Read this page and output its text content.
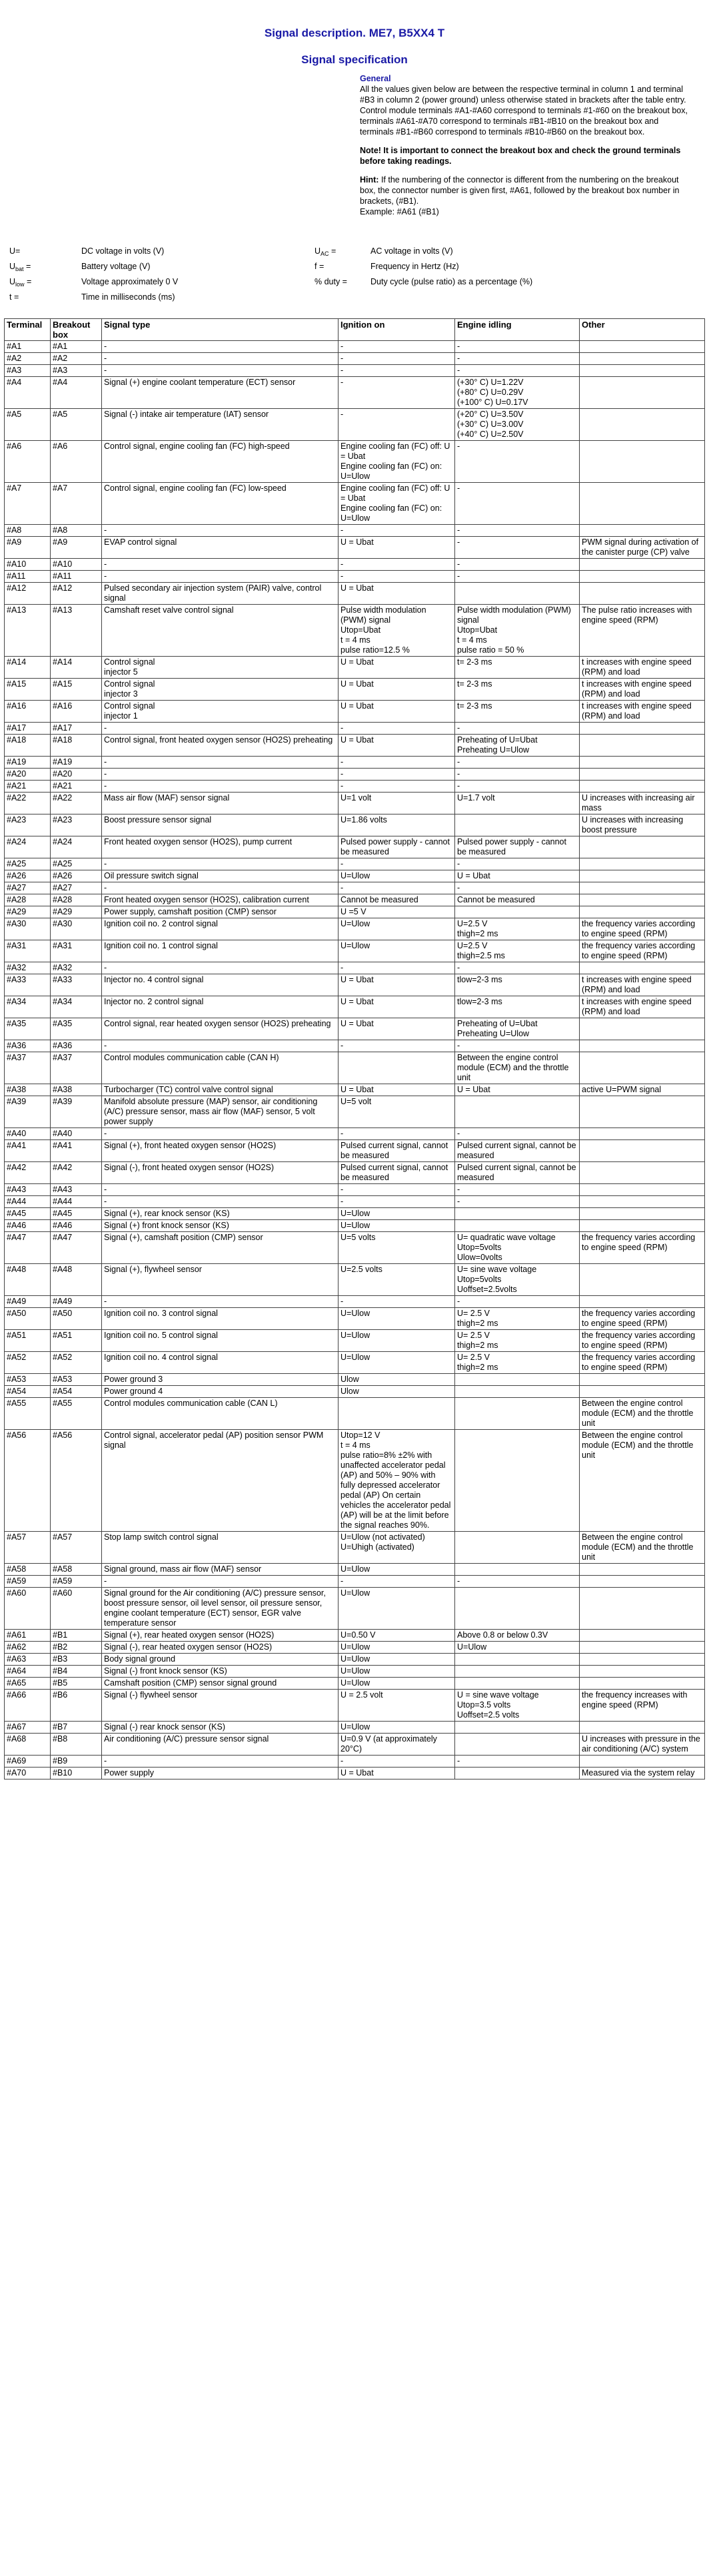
Signal description. ME7, B5XX4 T
Signal specification
General
All the values given below are between the respective terminal in column 1 and terminal #B3 in column 2 (power ground) unless otherwise stated in brackets after the table entry. Control module terminals #A1-#A60 correspond to terminals #1-#60 on the breakout box, terminals #A61-#A70 correspond to terminals #B1-#B10 on the breakout box and terminals #B1-#B60 correspond to terminals #B10-#B60 on the breakout box.
Note! It is important to connect the breakout box and check the ground terminals before taking readings.
Hint: If the numbering of the connector is different from the numbering on the breakout box, the connector number is given first, #A61, followed by the breakout box number in brackets, (#B1).
Example: #A61 (#B1)
U=	DC voltage in volts (V)	$U_{AC}$ =	AC voltage in volts (V)
$U_{bat}$ =	Battery voltage (V)	f =	Frequency in Hertz (Hz)
$U_{low}$ =	Voltage approximately 0 V	% duty =	Duty cycle (pulse ratio) as a percentage (%)
t =	Time in milliseconds (ms)
Terminal	Breakout box	Signal type	Ignition on	Engine idling	Other
#A1	#A1	-	-	-	
#A2	#A2	-	-	-	
#A3	#A3	-	-	-	
#A4	#A4	Signal (+) engine coolant temperature (ECT) sensor	-	(+30° C) U=1.22V
(+80° C) U=0.29V
(+100° C) U=0.17V	
#A5	#A5	Signal (-) intake air temperature (IAT) sensor	-	(+20° C) U=3.50V
(+30° C) U=3.00V
(+40° C) U=2.50V	
#A6	#A6	Control signal, engine cooling fan (FC) high-speed	Engine cooling fan (FC) off: U = Ubat
Engine cooling fan (FC) on: U=Ulow	-	
#A7	#A7	Control signal, engine cooling fan (FC) low-speed	Engine cooling fan (FC) off: U = Ubat
Engine cooling fan (FC) on: U=Ulow	-	
#A8	#A8	-	-	-	
#A9	#A9	EVAP control signal	U = Ubat	-	PWM signal during activation of the canister purge (CP) valve
#A10	#A10	-	-	-	
#A11	#A11	-	-	-	
#A12	#A12	Pulsed secondary air injection system (PAIR) valve, control signal	U = Ubat		
#A13	#A13	Camshaft reset valve control signal	Pulse width modulation (PWM) signal
Utop=Ubat
t = 4 ms
pulse ratio=12.5 %	Pulse width modulation (PWM) signal
Utop=Ubat
t = 4 ms
pulse ratio = 50 %	The pulse ratio increases with engine speed (RPM)
#A14	#A14	Control signal
injector 5	U = Ubat	t= 2-3 ms	t increases with engine speed (RPM) and load
#A15	#A15	Control signal
injector 3	U = Ubat	t= 2-3 ms	t increases with engine speed (RPM) and load
#A16	#A16	Control signal
injector 1	U = Ubat	t= 2-3 ms	t increases with engine speed (RPM) and load
#A17	#A17	-	-	-	
#A18	#A18	Control signal, front heated oxygen sensor (HO2S) preheating	U = Ubat	Preheating of U=Ubat
Preheating U=Ulow	
#A19	#A19	-	-	-	
#A20	#A20	-	-	-	
#A21	#A21	-	-	-	
#A22	#A22	Mass air flow (MAF) sensor signal	U=1 volt	U=1.7 volt	U increases with increasing air mass
#A23	#A23	Boost pressure sensor signal	U=1.86 volts		U increases with increasing boost pressure
#A24	#A24	Front heated oxygen sensor (HO2S), pump current	Pulsed power supply - cannot be measured	Pulsed power supply - cannot be measured	
#A25	#A25	-	-	-	
#A26	#A26	Oil pressure switch signal	U=Ulow	U = Ubat	
#A27	#A27	-	-	-	
#A28	#A28	Front heated oxygen sensor (HO2S), calibration current	Cannot be measured	Cannot be measured	
#A29	#A29	Power supply, camshaft position (CMP) sensor	U =5 V		
#A30	#A30	Ignition coil no. 2 control signal	U=Ulow	U=2.5 V
thigh=2 ms	the frequency varies according to engine speed (RPM)
#A31	#A31	Ignition coil no. 1 control signal	U=Ulow	U=2.5 V
thigh=2.5 ms	the frequency varies according to engine speed (RPM)
#A32	#A32	-	-	-	
#A33	#A33	Injector no. 4 control signal	U = Ubat	tlow=2-3 ms	t increases with engine speed (RPM) and load
#A34	#A34	Injector no. 2 control signal	U = Ubat	tlow=2-3 ms	t increases with engine speed (RPM) and load
#A35	#A35	Control signal, rear heated oxygen sensor (HO2S) preheating	U = Ubat	Preheating of U=Ubat
Preheating U=Ulow	
#A36	#A36	-	-	-	
#A37	#A37	Control modules communication cable (CAN H)		Between the engine control module (ECM) and the throttle unit	
#A38	#A38	Turbocharger (TC) control valve control signal	U = Ubat	U = Ubat	active U=PWM signal
#A39	#A39	Manifold absolute pressure (MAP) sensor, air conditioning (A/C) pressure sensor, mass air flow (MAF) sensor, 5 volt power supply	U=5 volt		
#A40	#A40	-	-	-	
#A41	#A41	Signal (+), front heated oxygen sensor (HO2S)	Pulsed current signal, cannot be measured	Pulsed current signal, cannot be measured	
#A42	#A42	Signal (-), front heated oxygen sensor (HO2S)	Pulsed current signal, cannot be measured	Pulsed current signal, cannot be measured	
#A43	#A43	-	-	-	
#A44	#A44	-	-	-	
#A45	#A45	Signal (+), rear knock sensor (KS)	U=Ulow		
#A46	#A46	Signal (+) front knock sensor (KS)	U=Ulow		
#A47	#A47	Signal (+), camshaft position (CMP) sensor	U=5 volts	U= quadratic wave voltage
Utop=5volts
Ulow=0volts	the frequency varies according to engine speed (RPM)
#A48	#A48	Signal (+), flywheel sensor	U=2.5 volts	U= sine wave voltage
Utop=5volts
Uoffset=2.5volts	
#A49	#A49	-	-	-	
#A50	#A50	Ignition coil no. 3 control signal	U=Ulow	U= 2.5 V
thigh=2 ms	the frequency varies according to engine speed (RPM)
#A51	#A51	Ignition coil no. 5 control signal	U=Ulow	U= 2.5 V
thigh=2 ms	the frequency varies according to engine speed (RPM)
#A52	#A52	Ignition coil no. 4 control signal	U=Ulow	U= 2.5 V
thigh=2 ms	the frequency varies according to engine speed (RPM)
#A53	#A53	Power ground 3	Ulow		
#A54	#A54	Power ground 4	Ulow		
#A55	#A55	Control modules communication cable (CAN L)			Between the engine control module (ECM) and the throttle unit
#A56	#A56	Control signal, accelerator pedal (AP) position sensor PWM signal	Utop=12 V
t = 4 ms
pulse ratio=8% ±2% with unaffected accelerator pedal (AP) and 50% – 90% with fully depressed accelerator pedal (AP) On certain vehicles the accelerator pedal (AP) will be at the limit before the signal reaches 90%.		Between the engine control module (ECM) and the throttle unit
#A57	#A57	Stop lamp switch control signal	U=Ulow (not activated)
U=Uhigh (activated)		Between the engine control module (ECM) and the throttle unit
#A58	#A58	Signal ground, mass air flow (MAF) sensor	U=Ulow		
#A59	#A59	-	-	-	
#A60	#A60	Signal ground for the Air conditioning (A/C) pressure sensor, boost pressure sensor, oil level sensor, oil pressure sensor, engine coolant temperature (ECT) sensor, EGR valve temperature sensor	U=Ulow		
#A61	#B1	Signal (+), rear heated oxygen sensor (HO2S)	U=0.50 V	Above 0.8 or below 0.3V	
#A62	#B2	Signal (-), rear heated oxygen sensor (HO2S)	U=Ulow	U=Ulow	
#A63	#B3	Body signal ground	U=Ulow		
#A64	#B4	Signal (-) front knock sensor (KS)	U=Ulow		
#A65	#B5	Camshaft position (CMP) sensor signal ground	U=Ulow		
#A66	#B6	Signal (-) flywheel sensor	U = 2.5 volt	U = sine wave voltage
Utop=3.5 volts
Uoffset=2.5 volts	the frequency increases with engine speed (RPM)
#A67	#B7	Signal (-) rear knock sensor (KS)	U=Ulow		
#A68	#B8	Air conditioning (A/C) pressure sensor signal	U=0.9 V (at approximately 20°C)		U increases with pressure in the air conditioning (A/C) system
#A69	#B9	-	-	-	
#A70	#B10	Power supply	U = Ubat		Measured via the system relay
